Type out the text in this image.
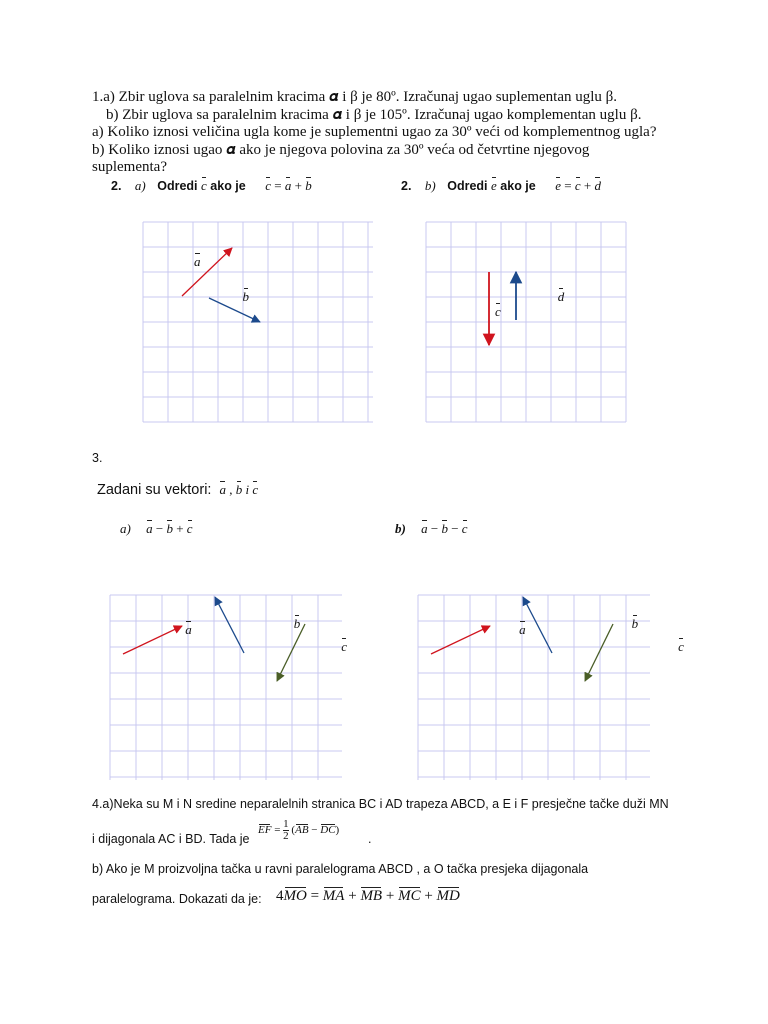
1.a) Zbir uglova sa paralelnim kracima 𝜶 i β je 80º. Izračunaj ugao suplementan uglu β.
b) Zbir uglova sa paralelnim kracima 𝜶 i β je 105º. Izračunaj ugao komplementan uglu β.
a) Koliko iznosi veličina ugla kome je suplementni ugao za 30º veći od komplementnog ugla?
b) Koliko iznosi ugao 𝜶 ako je njegova polovina za 30º veća od četvrtine njegovog
suplementa?
2. a) Odredi c ako je c = a + b	2. b) Odredi e ako je e = c + d
a b c d
3.
Zadani su vektori: a , b i c
a) a − b + c	b) a − b − c
a	b c a	b c
4.a)Neka su M i N sredine neparalelnih stranica BC i AD trapeza ABCD, a E i F presječne tačke duži MN
i dijagonala AC i BD. Tada je
EF = $\frac{1}{2} (AB - DC)$
.
b) Ako je M proizvoljna tačka u ravni paralelograma ABCD , a O tačka presjeka dijagonala
paralelograma. Dokazati da je: 4MO = MA + MB + MC + MD
